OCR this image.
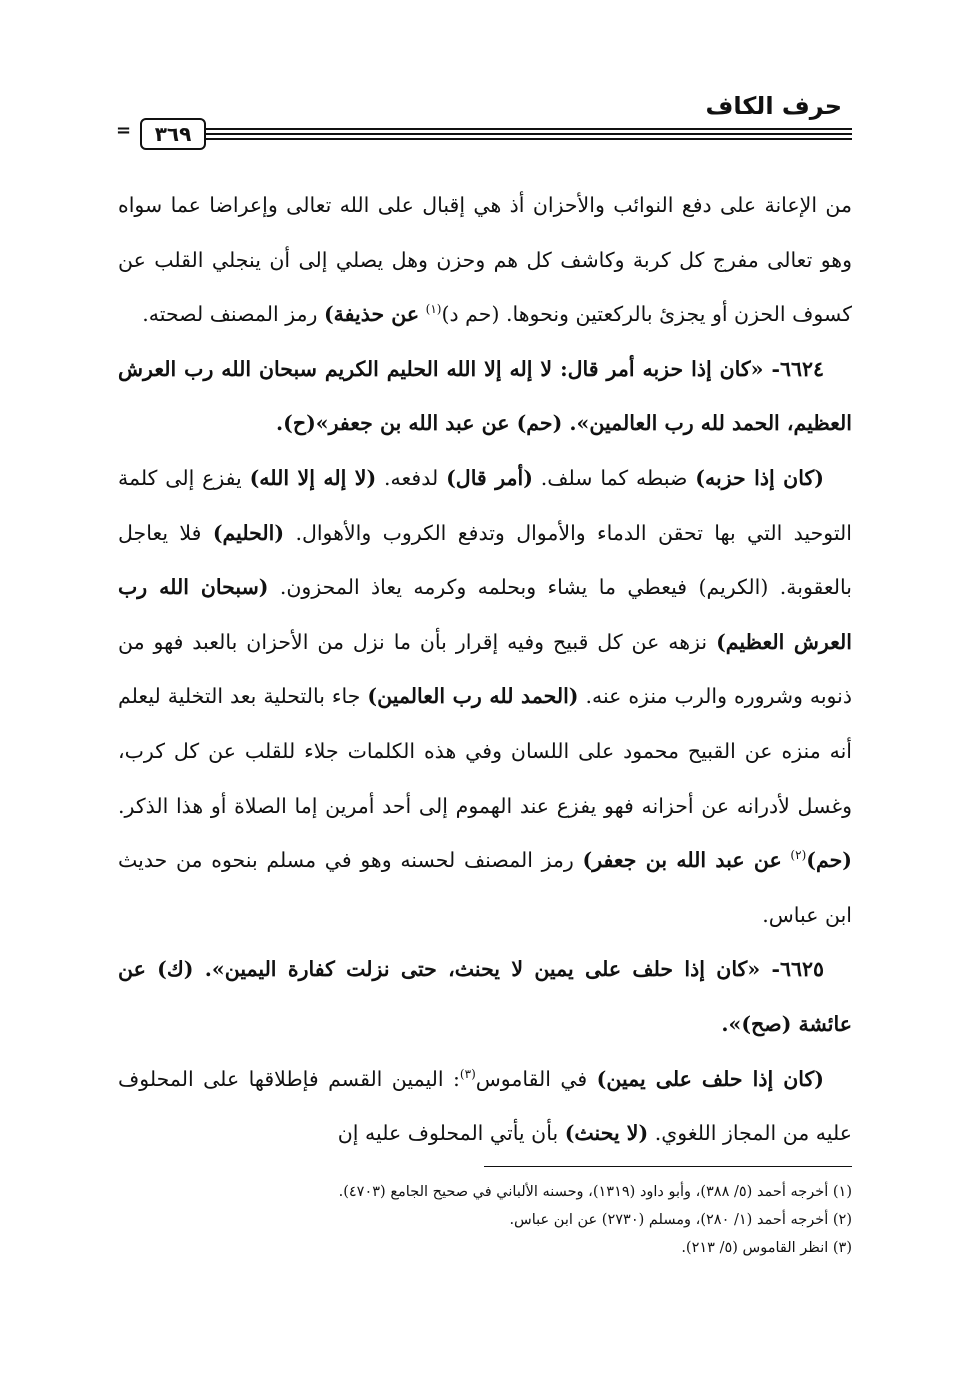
حرف الكاف
=	٣٦٩

من الإعانة على دفع النوائب والأحزان أذ هي إقبال على الله تعالى وإعراضا عما سواه وهو تعالى مفرج كل كربة وكاشف كل هم وحزن وهل يصلي إلى أن ينجلي القلب عن كسوف الحزن أو يجزئ بالركعتين ونحوها. (حم د)$^{(١)}$ عن حذيفة) رمز المصنف لصحته.

٦٦٢٤- «كان إذا حزبه أمر قال: لا إله إلا الله الحليم الكريم سبحان الله رب العرش العظيم، الحمد لله رب العالمين». (حم) عن عبد الله بن جعفر»(ح).

(كان إذا حزبه) ضبطه كما سلف. (أمر قال) لدفعه. (لا إله إلا الله) يفزع إلى كلمة التوحيد التي بها تحقن الدماء والأموال وتدفع الكروب والأهوال. (الحليم) فلا يعاجل بالعقوبة. (الكريم) فيعطي ما يشاء وبحلمه وكرمه يعاذ المحزون. (سبحان الله رب العرش العظيم) نزهه عن كل قبيح وفيه إقرار بأن ما نزل من الأحزان بالعبد فهو من ذنوبه وشروره والرب منزه عنه. (الحمد لله رب العالمين) جاء بالتحلية بعد التخلية ليعلم أنه منزه عن القبيح محمود على اللسان وفي هذه الكلمات جلاء للقلب عن كل كرب، وغسل لأدرانه عن أحزانه فهو يفزع عند الهموم إلى أحد أمرين إما الصلاة أو هذا الذكر. (حم)$^{(٢)}$ عن عبد الله بن جعفر) رمز المصنف لحسنه وهو في مسلم بنحوه من حديث ابن عباس.

٦٦٢٥- «كان إذا حلف على يمين لا يحنث، حتى نزلت كفارة اليمين». (ك) عن عائشة (صح)».

(كان إذا حلف على يمين) في القاموس$^{(٣)}$: اليمين القسم فإطلاقها على المحلوف عليه من المجاز اللغوي. (لا يحنث) بأن يأتي المحلوف عليه إن

(١) أخرجه أحمد (٥/ ٣٨٨)، وأبو داود (١٣١٩)، وحسنه الألباني في صحيح الجامع (٤٧٠٣).

(٢) أخرجه أحمد (١/ ٢٨٠)، ومسلم (٢٧٣٠) عن ابن عباس.

(٣) انظر القاموس (٥/ ٢١٣).
